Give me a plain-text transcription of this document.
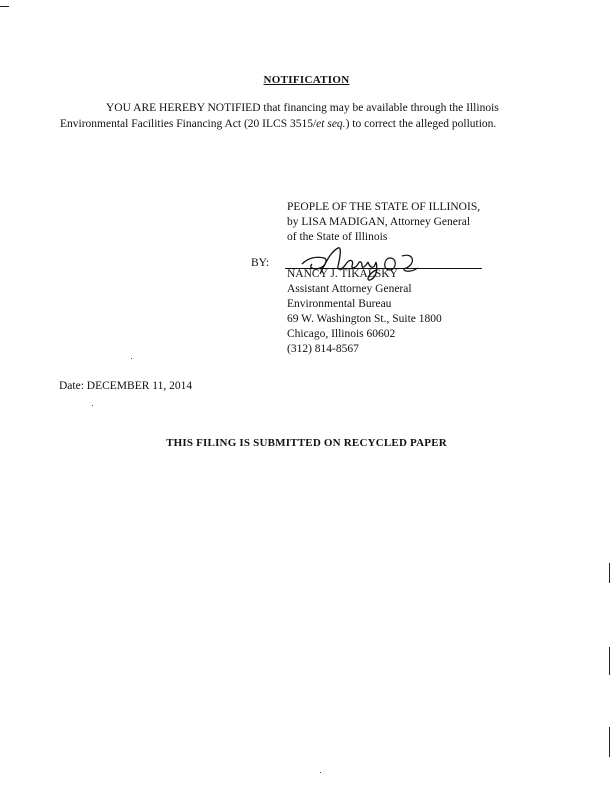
NOTIFICATION
YOU ARE HEREBY NOTIFIED that financing may be available through the Illinois
Environmental Facilities Financing Act (20 ILCS 3515/et seq.) to correct the alleged pollution.
PEOPLE OF THE STATE OF ILLINOIS,
by LISA MADIGAN, Attorney General
of the State of Illinois
BY:
NANCY J. TIKALSKY
Assistant Attorney General
Environmental Bureau
69 W. Washington St., Suite 1800
Chicago, Illinois 60602
(312) 814-8567
Date: DECEMBER 11, 2014
THIS FILING IS SUBMITTED ON RECYCLED PAPER
